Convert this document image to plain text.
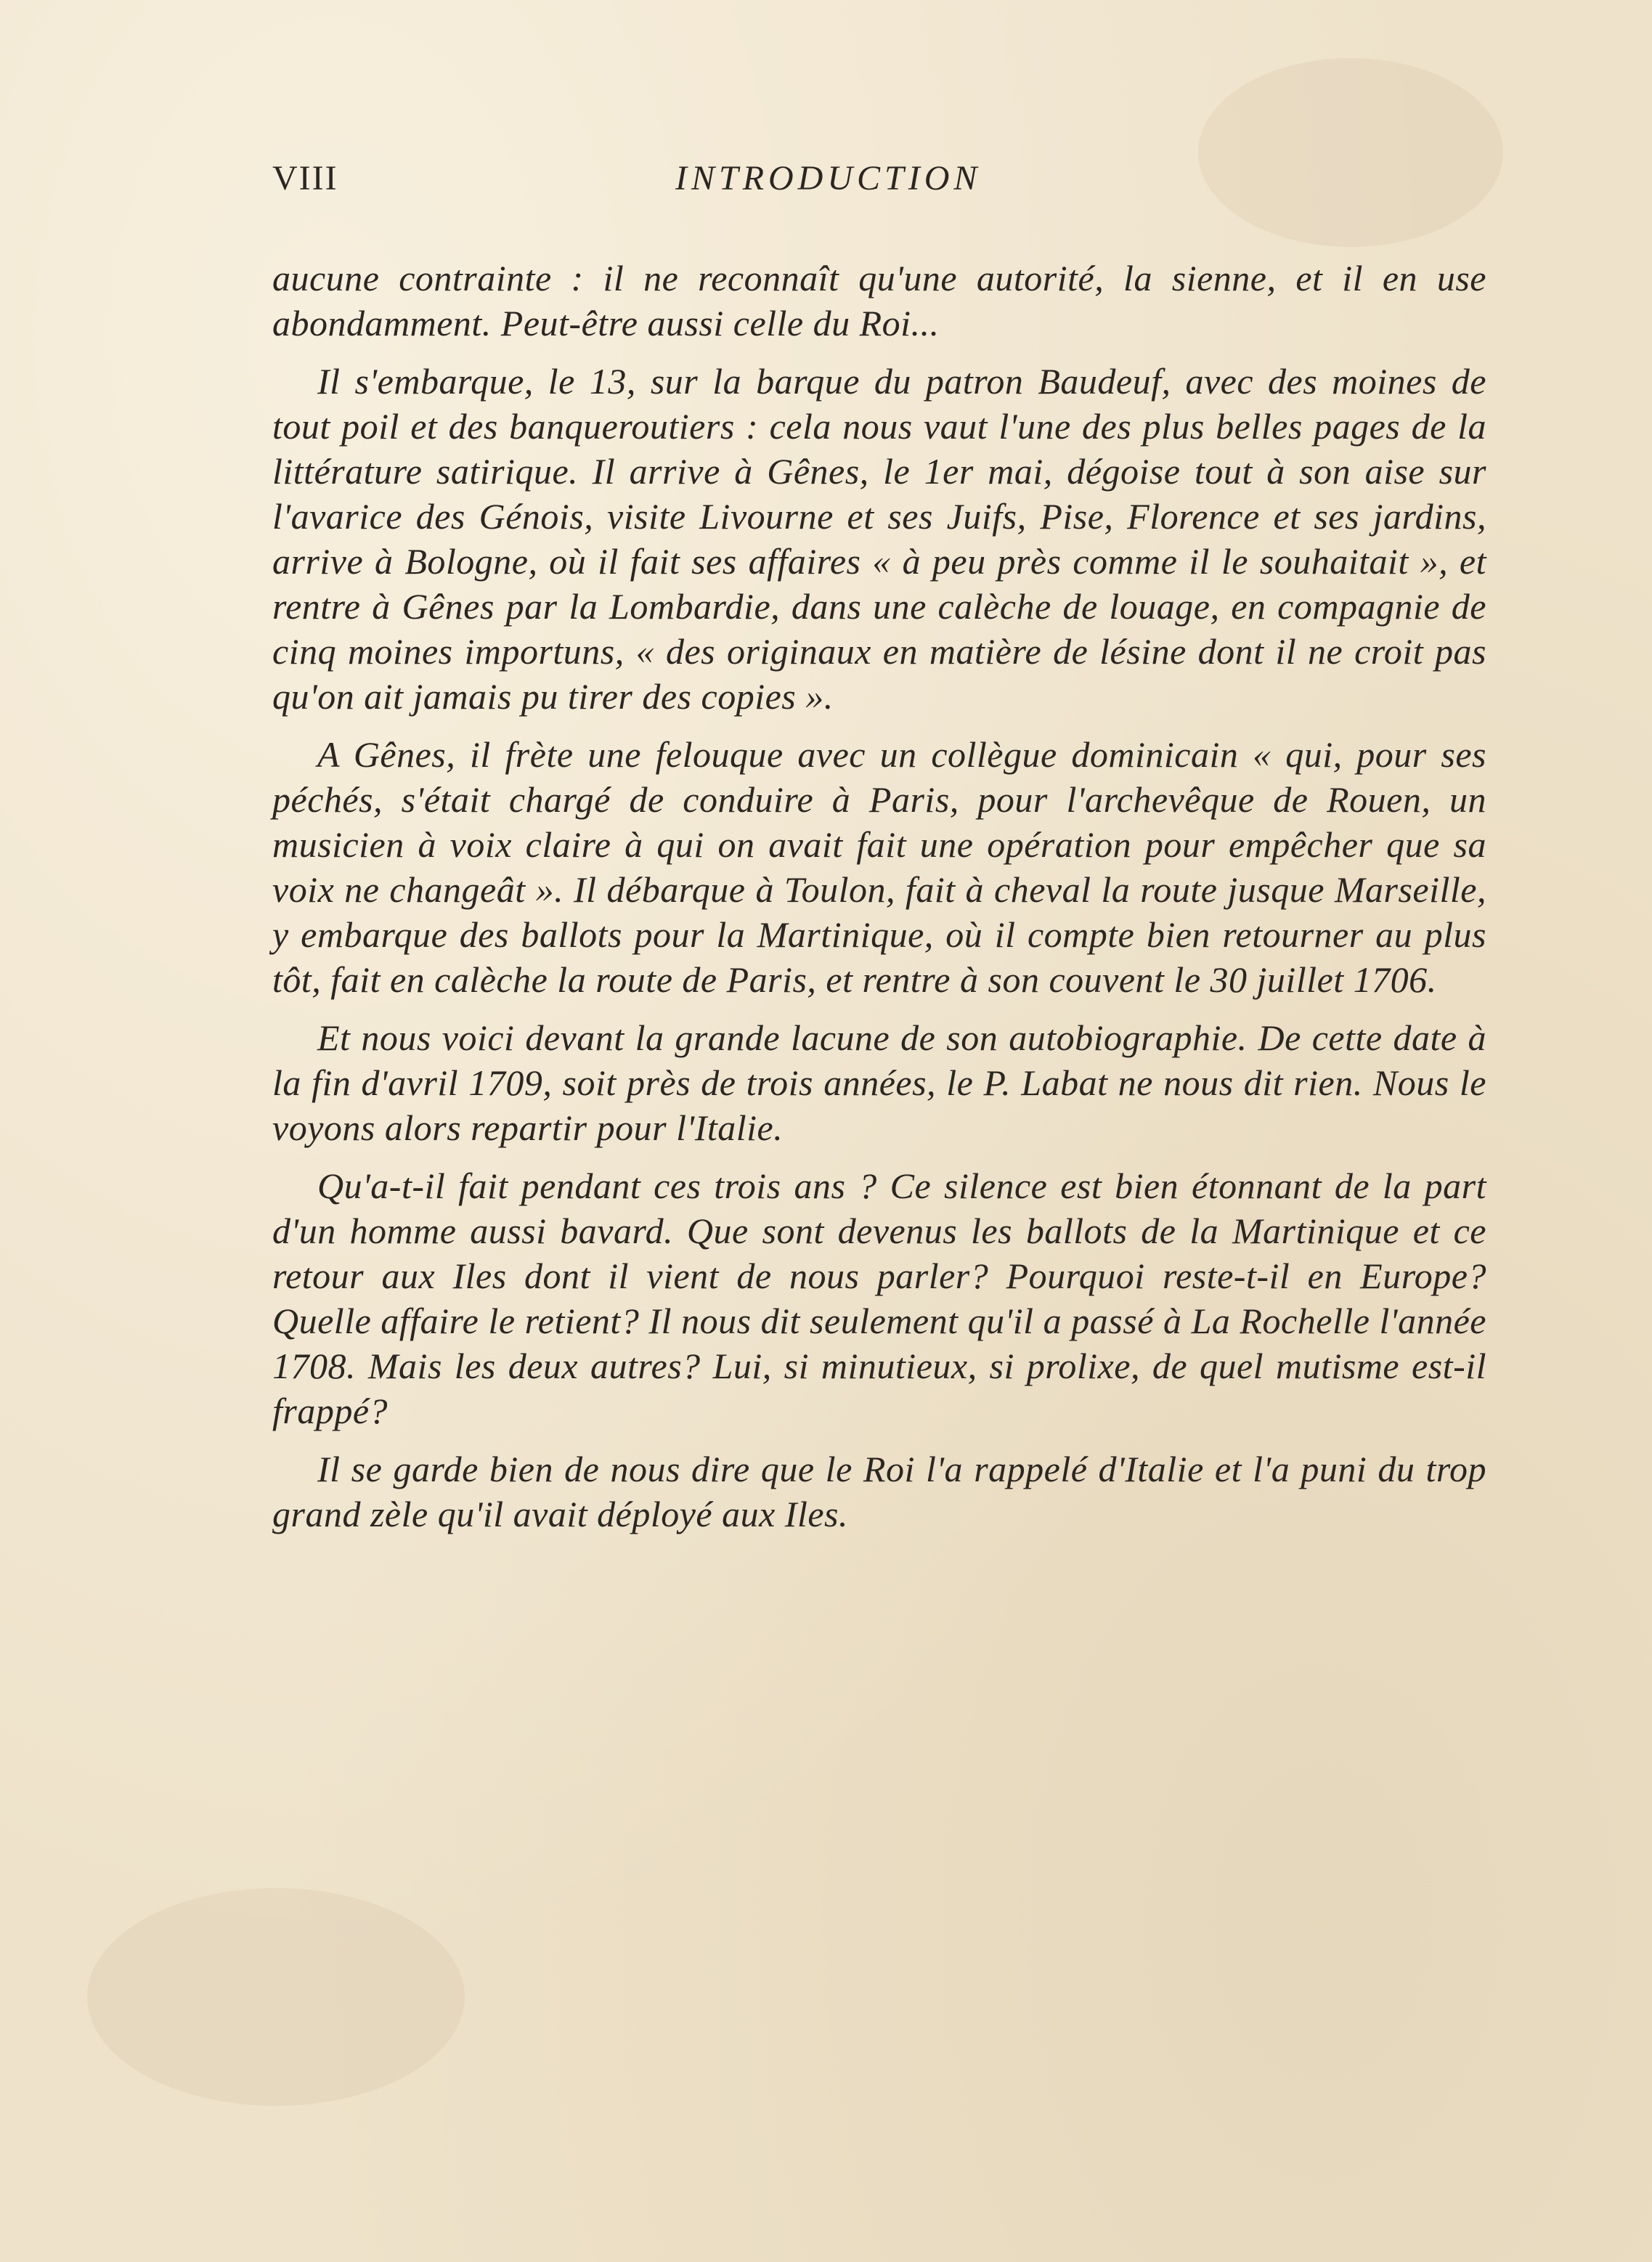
VIII	INTRODUCTION

aucune contrainte : il ne reconnaît qu'une autorité, la sienne, et il en use abondamment. Peut-être aussi celle du Roi...

Il s'embarque, le 13, sur la barque du patron Baudeuf, avec des moines de tout poil et des banqueroutiers : cela nous vaut l'une des plus belles pages de la littérature satirique. Il arrive à Gênes, le 1er mai, dégoise tout à son aise sur l'avarice des Génois, visite Livourne et ses Juifs, Pise, Florence et ses jardins, arrive à Bologne, où il fait ses affaires « à peu près comme il le souhaitait », et rentre à Gênes par la Lombardie, dans une calèche de louage, en compagnie de cinq moines importuns, « des originaux en matière de lésine dont il ne croit pas qu'on ait jamais pu tirer des copies ».

A Gênes, il frète une felouque avec un collègue dominicain « qui, pour ses péchés, s'était chargé de conduire à Paris, pour l'archevêque de Rouen, un musicien à voix claire à qui on avait fait une opération pour empêcher que sa voix ne changeât ». Il débarque à Toulon, fait à cheval la route jusque Marseille, y embarque des ballots pour la Martinique, où il compte bien retourner au plus tôt, fait en calèche la route de Paris, et rentre à son couvent le 30 juillet 1706.

Et nous voici devant la grande lacune de son autobiographie. De cette date à la fin d'avril 1709, soit près de trois années, le P. Labat ne nous dit rien. Nous le voyons alors repartir pour l'Italie.

Qu'a-t-il fait pendant ces trois ans ? Ce silence est bien étonnant de la part d'un homme aussi bavard. Que sont devenus les ballots de la Martinique et ce retour aux Iles dont il vient de nous parler? Pourquoi reste-t-il en Europe? Quelle affaire le retient? Il nous dit seulement qu'il a passé à La Rochelle l'année 1708. Mais les deux autres? Lui, si minutieux, si prolixe, de quel mutisme est-il frappé?

Il se garde bien de nous dire que le Roi l'a rappelé d'Italie et l'a puni du trop grand zèle qu'il avait déployé aux Iles.
